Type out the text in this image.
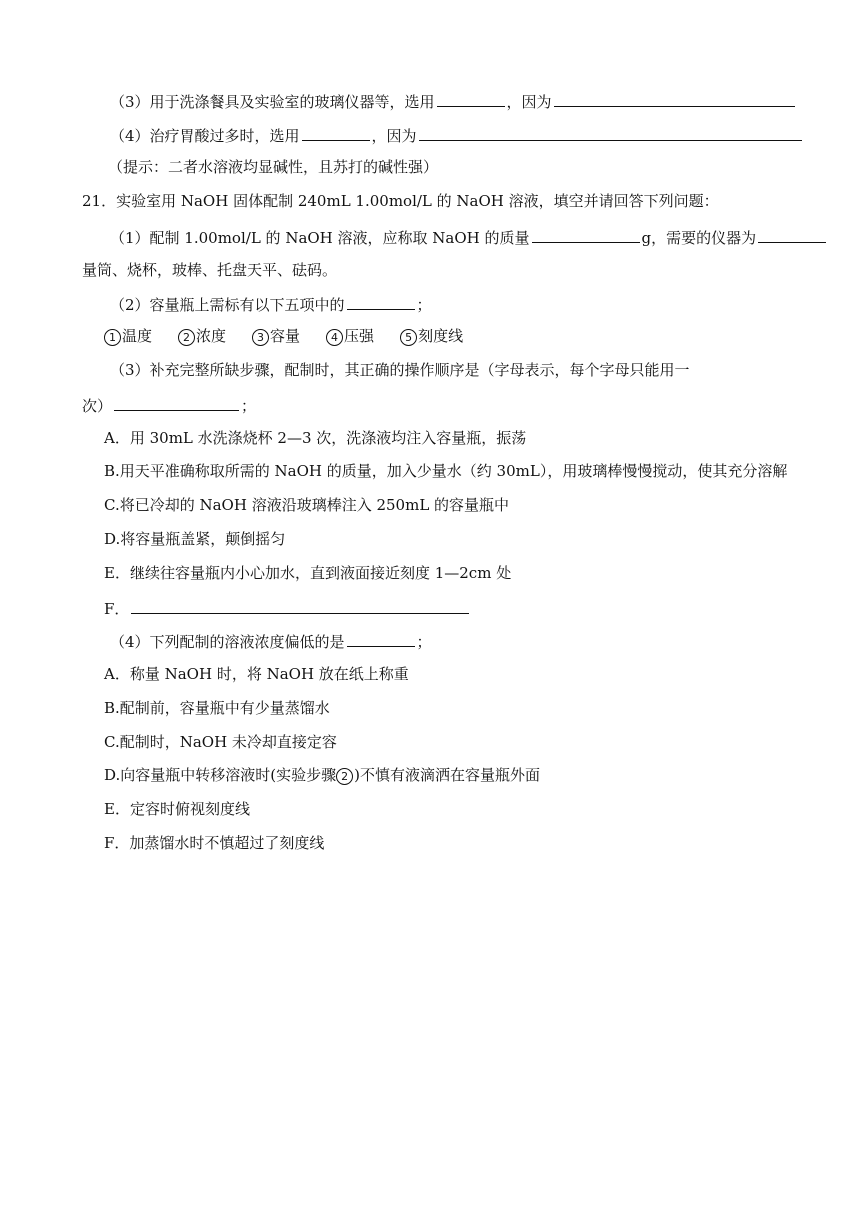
（3）用于洗涤餐具及实验室的玻璃仪器等，选用	，因为
（4）治疗胃酸过多时，选用	，因为
（提示：二者水溶液均显碱性，且苏打的碱性强）
21．实验室用 NaOH 固体配制 240mL 1.00mol/L 的 NaOH 溶液，填空并请回答下列问题：
（1）配制 1.00mol/L 的 NaOH 溶液，应称取 NaOH 的质量	g，需要的仪器为
量筒、烧杯，玻棒、托盘天平、砝码。
（2）容量瓶上需标有以下五项中的	；
1 温度	2 浓度	3 容量	4 压强	5 刻度线
（3）补充完整所缺步骤，配制时，其正确的操作顺序是（字母表示，每个字母只能用一
次）	；
A．用 30mL 水洗涤烧杯 2—3 次，洗涤液均注入容量瓶，振荡
B.用天平准确称取所需的 NaOH 的质量，加入少量水（约 30mL），用玻璃棒慢慢搅动，使其充分溶解
C.将已冷却的 NaOH 溶液沿玻璃棒注入 250mL 的容量瓶中
D.将容量瓶盖紧，颠倒摇匀
E．继续往容量瓶内小心加水，直到液面接近刻度 1—2cm 处
F．
（4）下列配制的溶液浓度偏低的是	；
A．称量 NaOH 时，将 NaOH 放在纸上称重
B.配制前，容量瓶中有少量蒸馏水
C.配制时，NaOH 未冷却直接定容
D.向容量瓶中转移溶液时(实验步骤 2 )不慎有液滴洒在容量瓶外面
E．定容时俯视刻度线
F．加蒸馏水时不慎超过了刻度线
